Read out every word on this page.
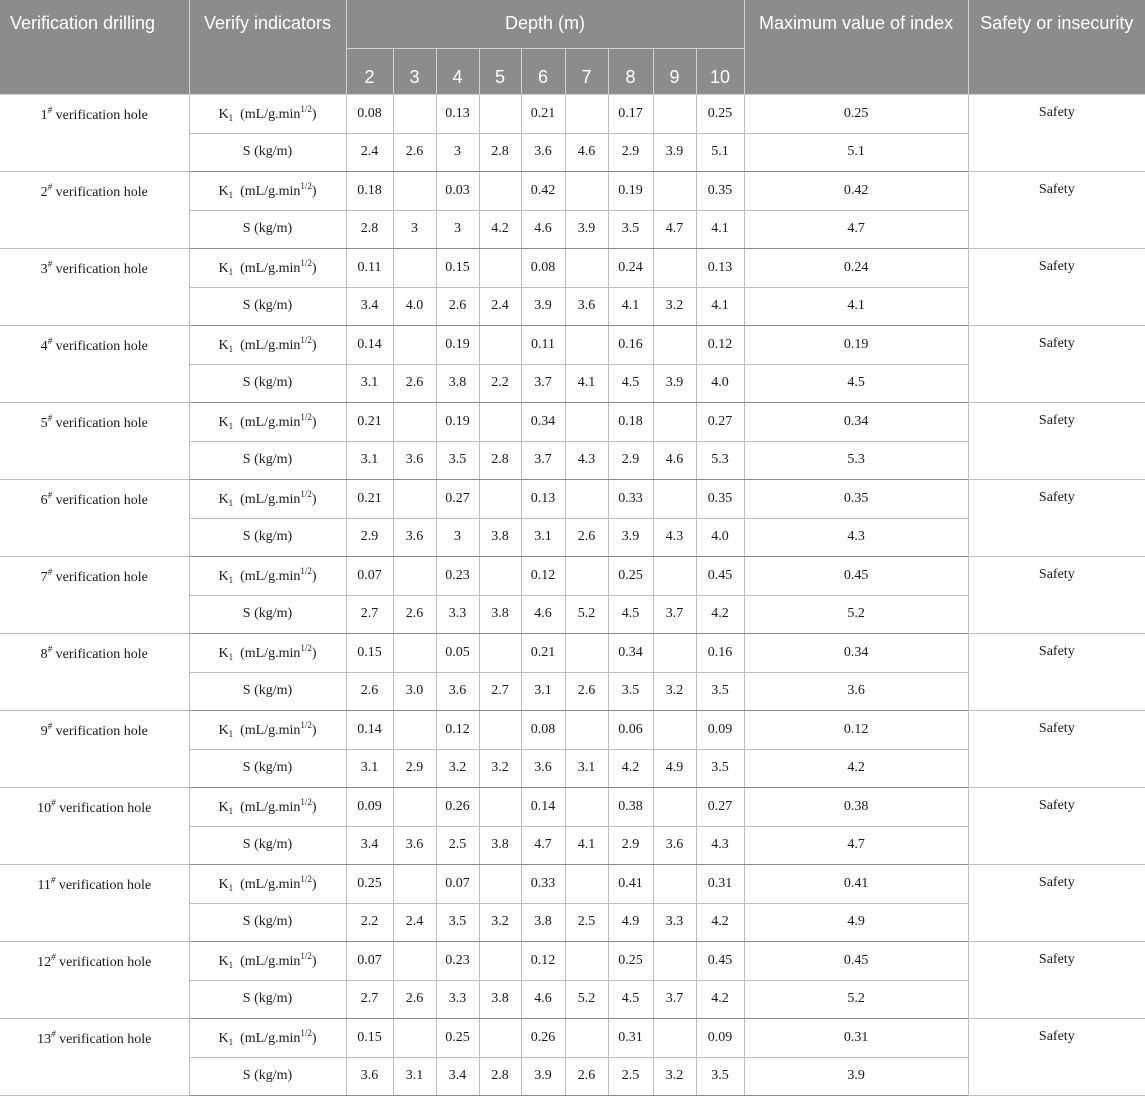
Verification drilling	Verify indicators	Depth (m)									Maximum value of index	Safety or insecurity
		2	3	4	5	6	7	8	9	10		
1# verification hole	$K_1$ $(mL/g.\min^{1/2})$	0.08		0.13		0.21		0.17		0.25	0.25	Safety
	S (kg/m)	2.4	2.6	3	2.8	3.6	4.6	2.9	3.9	5.1	5.1	
2# verification hole	$K_1$ $(mL/g.\min^{1/2})$	0.18		0.03		0.42		0.19		0.35	0.42	Safety
	S (kg/m)	2.8	3	3	4.2	4.6	3.9	3.5	4.7	4.1	4.7	
3# verification hole	$K_1$ $(mL/g.\min^{1/2})$	0.11		0.15		0.08		0.24		0.13	0.24	Safety
	S (kg/m)	3.4	4.0	2.6	2.4	3.9	3.6	4.1	3.2	4.1	4.1	
4# verification hole	$K_1$ $(mL/g.\min^{1/2})$	0.14		0.19		0.11		0.16		0.12	0.19	Safety
	S (kg/m)	3.1	2.6	3.8	2.2	3.7	4.1	4.5	3.9	4.0	4.5	
5# verification hole	$K_1$ $(mL/g.\min^{1/2})$	0.21		0.19		0.34		0.18		0.27	0.34	Safety
	S (kg/m)	3.1	3.6	3.5	2.8	3.7	4.3	2.9	4.6	5.3	5.3	
6# verification hole	$K_1$ $(mL/g.\min^{1/2})$	0.21		0.27		0.13		0.33		0.35	0.35	Safety
	S (kg/m)	2.9	3.6	3	3.8	3.1	2.6	3.9	4.3	4.0	4.3	
7# verification hole	$K_1$ $(mL/g.\min^{1/2})$	0.07		0.23		0.12		0.25		0.45	0.45	Safety
	S (kg/m)	2.7	2.6	3.3	3.8	4.6	5.2	4.5	3.7	4.2	5.2	
8# verification hole	$K_1$ $(mL/g.\min^{1/2})$	0.15		0.05		0.21		0.34		0.16	0.34	Safety
	S (kg/m)	2.6	3.0	3.6	2.7	3.1	2.6	3.5	3.2	3.5	3.6	
9# verification hole	$K_1$ $(mL/g.\min^{1/2})$	0.14		0.12		0.08		0.06		0.09	0.12	Safety
	S (kg/m)	3.1	2.9	3.2	3.2	3.6	3.1	4.2	4.9	3.5	4.2	
10# verification hole	$K_1$ $(mL/g.\min^{1/2})$	0.09		0.26		0.14		0.38		0.27	0.38	Safety
	S (kg/m)	3.4	3.6	2.5	3.8	4.7	4.1	2.9	3.6	4.3	4.7	
11# verification hole	$K_1$ $(mL/g.\min^{1/2})$	0.25		0.07		0.33		0.41		0.31	0.41	Safety
	S (kg/m)	2.2	2.4	3.5	3.2	3.8	2.5	4.9	3.3	4.2	4.9	
12# verification hole	$K_1$ $(mL/g.\min^{1/2})$	0.07		0.23		0.12		0.25		0.45	0.45	Safety
	S (kg/m)	2.7	2.6	3.3	3.8	4.6	5.2	4.5	3.7	4.2	5.2	
13# verification hole	$K_1$ $(mL/g.\min^{1/2})$	0.15		0.25		0.26		0.31		0.09	0.31	Safety
	S (kg/m)	3.6	3.1	3.4	2.8	3.9	2.6	2.5	3.2	3.5	3.9	
